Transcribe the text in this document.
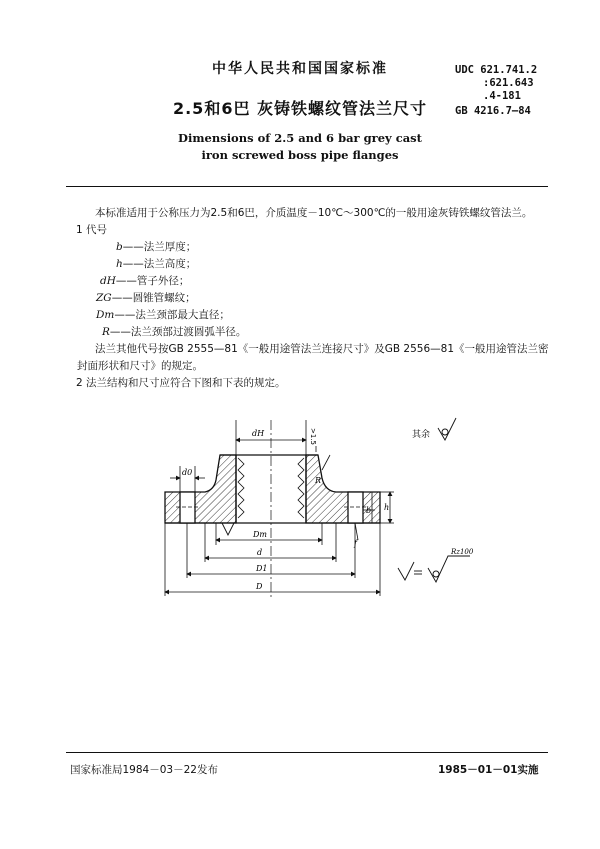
中华人民共和国国家标准	UDC 621.741.2
:621.643
.4-181
GB 4216.7—84
2.5和6巴 灰铸铁螺纹管法兰尺寸
Dimensions of 2.5 and 6 bar grey cast
iron screwed boss pipe flanges
本标准适用于公称压力为2.5和6巴，介质温度－10℃～300℃的一般用途灰铸铁螺纹管法兰。
1 代号
b——法兰厚度；
h——法兰高度；
dH——管子外径；
ZG——圆锥管螺纹；
Dm——法兰颈部最大直径；
R——法兰颈部过渡圆弧半径。
法兰其他代号按GB 2555—81《一般用途管法兰连接尺寸》及GB 2556—81《一般用途管法兰密
封面形状和尺寸》的规定。
2 法兰结构和尺寸应符合下图和下表的规定。
dH	>1.5
d0
R
h
b
f
Dm
d
D1
D
其余
Rz100
国家标准局1984－03－22发布	1985－01－01实施
